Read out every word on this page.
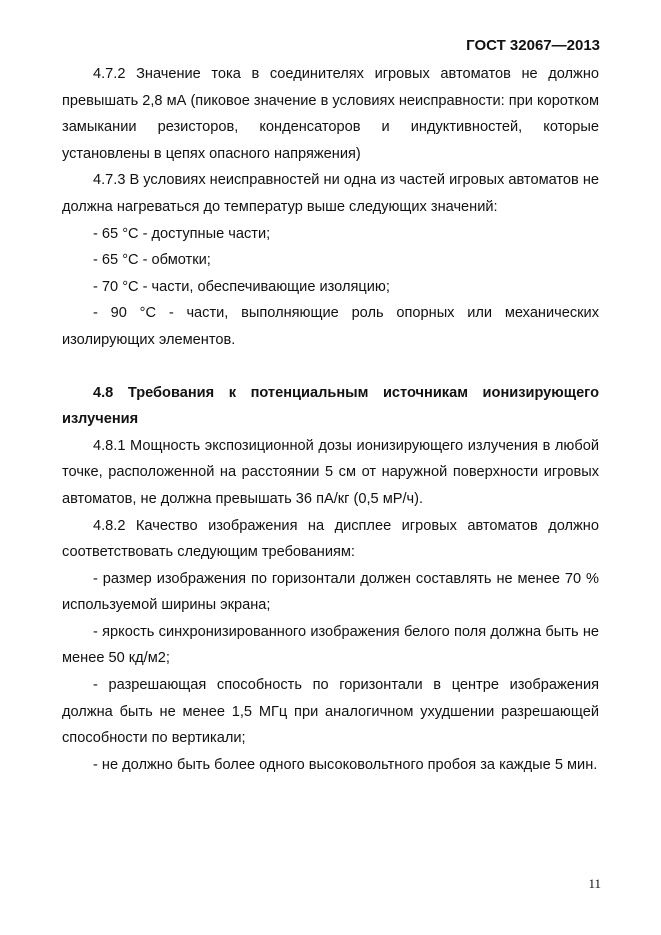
ГОСТ 32067—2013

4.7.2 Значение тока в соединителях игровых автоматов не должно превышать 2,8 мА (пиковое значение в условиях неисправности: при коротком замыкании резисторов, конденсаторов и индуктивностей, которые установлены в цепях опасного напряжения)

4.7.3 В условиях неисправностей ни одна из частей игровых автоматов не должна нагреваться до температур выше следующих значений:

- 65 °С - доступные части;

- 65 °С - обмотки;

- 70 °С - части, обеспечивающие изоляцию;

- 90 °С - части, выполняющие роль опорных или механических изолирующих элементов.

4.8 Требования к потенциальным источникам ионизирующего излучения

4.8.1 Мощность экспозиционной дозы ионизирующего излучения в любой точке, расположенной на расстоянии 5 см от наружной поверхности игровых автоматов, не должна превышать 36 пА/кг (0,5 мР/ч).

4.8.2 Качество изображения на дисплее игровых автоматов должно соответствовать следующим требованиям:

- размер изображения по горизонтали должен составлять не менее 70 % используемой ширины экрана;

- яркость синхронизированного изображения белого поля должна быть не менее 50 кд/м2;

- разрешающая способность по горизонтали в центре изображения должна быть не менее 1,5 МГц при аналогичном ухудшении разрешающей способности по вертикали;

- не должно быть более одного высоковольтного пробоя за каждые 5 мин.

11
